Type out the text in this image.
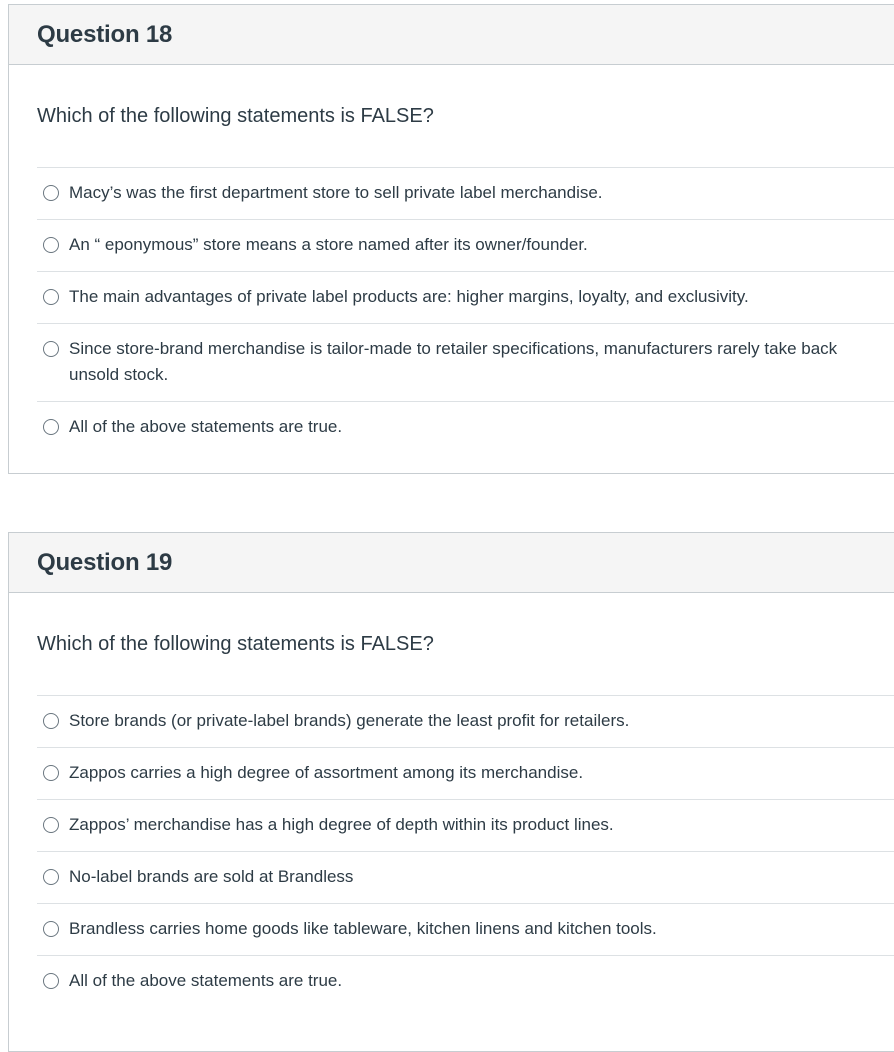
Question 18
Which of the following statements is FALSE?
Macy’s was the first department store to sell private label merchandise.
An “ eponymous” store means a store named after its owner/founder.
The main advantages of private label products are: higher margins, loyalty, and exclusivity.
Since store-brand merchandise is tailor-made to retailer specifications, manufacturers rarely take back unsold stock.
All of the above statements are true.
Question 19
Which of the following statements is FALSE?
Store brands (or private-label brands) generate the least profit for retailers.
Zappos carries a high degree of assortment among its merchandise.
Zappos’ merchandise has a high degree of depth within its product lines.
No-label brands are sold at Brandless
Brandless carries home goods like tableware, kitchen linens and kitchen tools.
All of the above statements are true.
